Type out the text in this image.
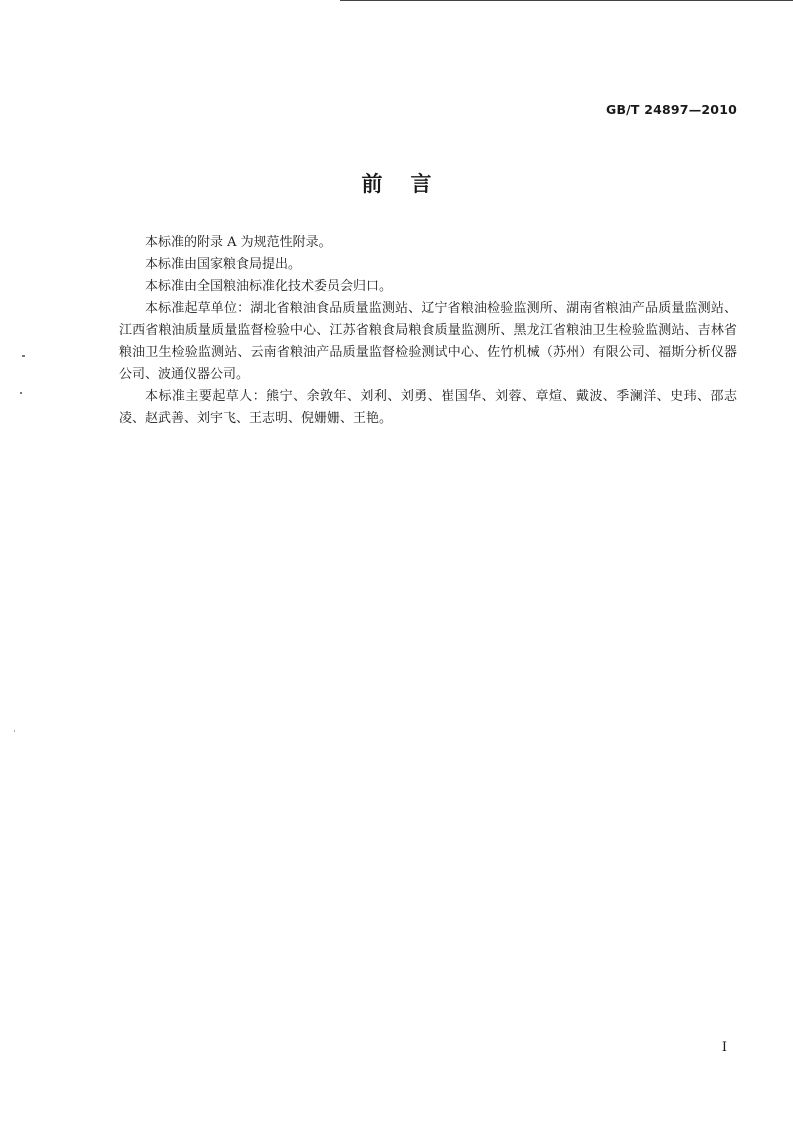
GB/T 24897—2010
前言

本标准的附录 A 为规范性附录。

本标准由国家粮食局提出。

本标准由全国粮油标准化技术委员会归口。

本标准起草单位：湖北省粮油食品质量监测站、辽宁省粮油检验监测所、湖南省粮油产品质量监测站、江西省粮油质量质量监督检验中心、江苏省粮食局粮食质量监测所、黑龙江省粮油卫生检验监测站、吉林省粮油卫生检验监测站、云南省粮油产品质量监督检验测试中心、佐竹机械（苏州）有限公司、福斯分析仪器公司、波通仪器公司。

本标准主要起草人：熊宁、余敦年、刘利、刘勇、崔国华、刘蓉、章煊、戴波、季澜洋、史玮、邵志凌、赵武善、刘宇飞、王志明、倪姗姗、王艳。

I
